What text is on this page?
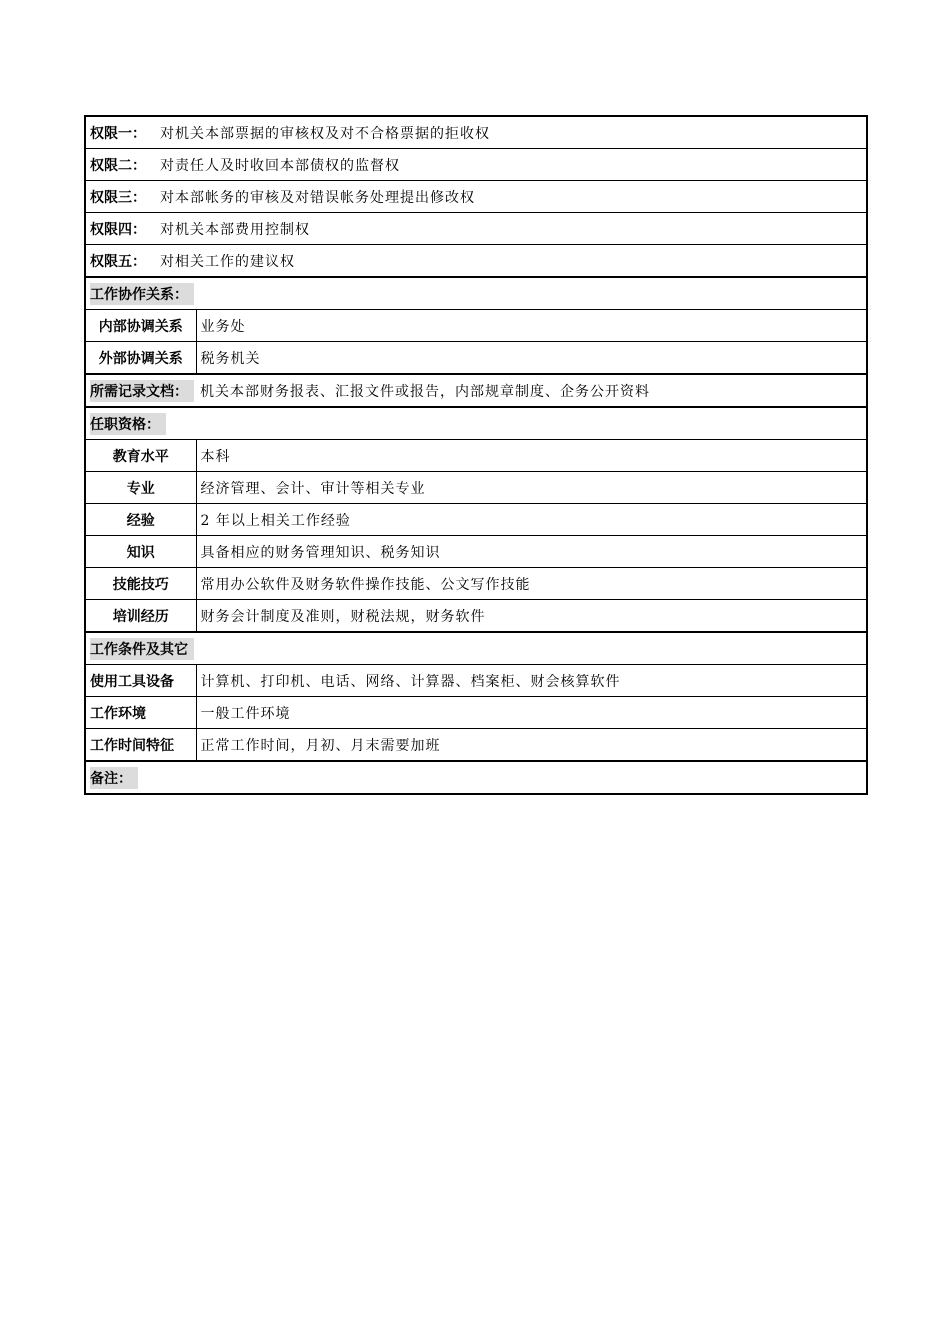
权限一： 对机关本部票据的审核权及对不合格票据的拒收权	
权限二： 对责任人及时收回本部债权的监督权	
权限三： 对本部帐务的审核及对错误帐务处理提出修改权	
权限四： 对机关本部费用控制权	
权限五： 对相关工作的建议权	
工作协作关系：	
内部协调关系	业务处
外部协调关系	税务机关
所需记录文档： 机关本部财务报表、汇报文件或报告，内部规章制度、企务公开资料	
任职资格：	
教育水平	本科
专业	经济管理、会计、审计等相关专业
经验	2 年以上相关工作经验
知识	具备相应的财务管理知识、税务知识
技能技巧	常用办公软件及财务软件操作技能、公文写作技能
培训经历	财务会计制度及准则，财税法规，财务软件
工作条件及其它	
使用工具设备	计算机、打印机、电话、网络、计算器、档案柜、财会核算软件
工作环境	一般工件环境
工作时间特征	正常工作时间，月初、月末需要加班
备注：	
